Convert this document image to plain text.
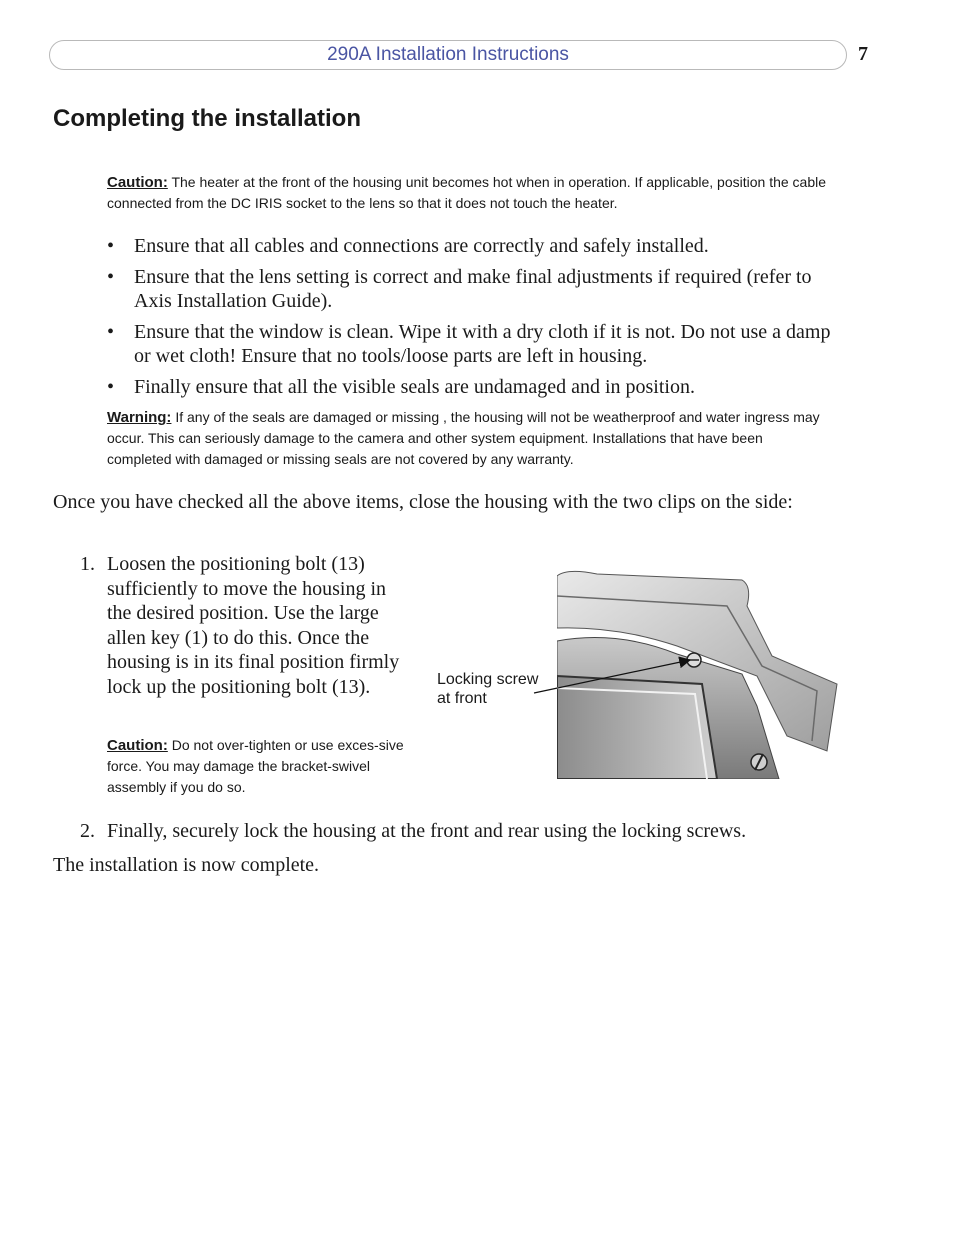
290A Installation Instructions	7
Completing the installation
Caution: The heater at the front of the housing unit becomes hot when in operation. If applicable, position the cable connected from the DC IRIS socket to the lens so that it does not touch the heater.
• Ensure that all cables and connections are correctly and safely installed.
• Ensure that the lens setting is correct and make final adjustments if required (refer to Axis Installation Guide).
• Ensure that the window is clean. Wipe it with a dry cloth if it is not. Do not use a damp or wet cloth! Ensure that no tools/loose parts are left in housing.
• Finally ensure that all the visible seals are undamaged and in position.
Warning: If any of the seals are damaged or missing , the housing will not be weatherproof and water ingress may occur. This can seriously damage to the camera and other system equipment. Installations that have been completed with damaged or missing seals are not covered by any warranty.
Once you have checked all the above items, close the housing with the two clips on the side:
1. Loosen the positioning bolt (13) sufficiently to move the housing in the desired position. Use the large allen key (1) to do this. Once the housing is in its final position firmly lock up the positioning bolt (13).
Caution: Do not over-tighten or use exces-sive force. You may damage the bracket-swivel assembly if you do so.
Locking screw
at front
2. Finally, securely lock the housing at the front and rear using the locking screws.
The installation is now complete.
